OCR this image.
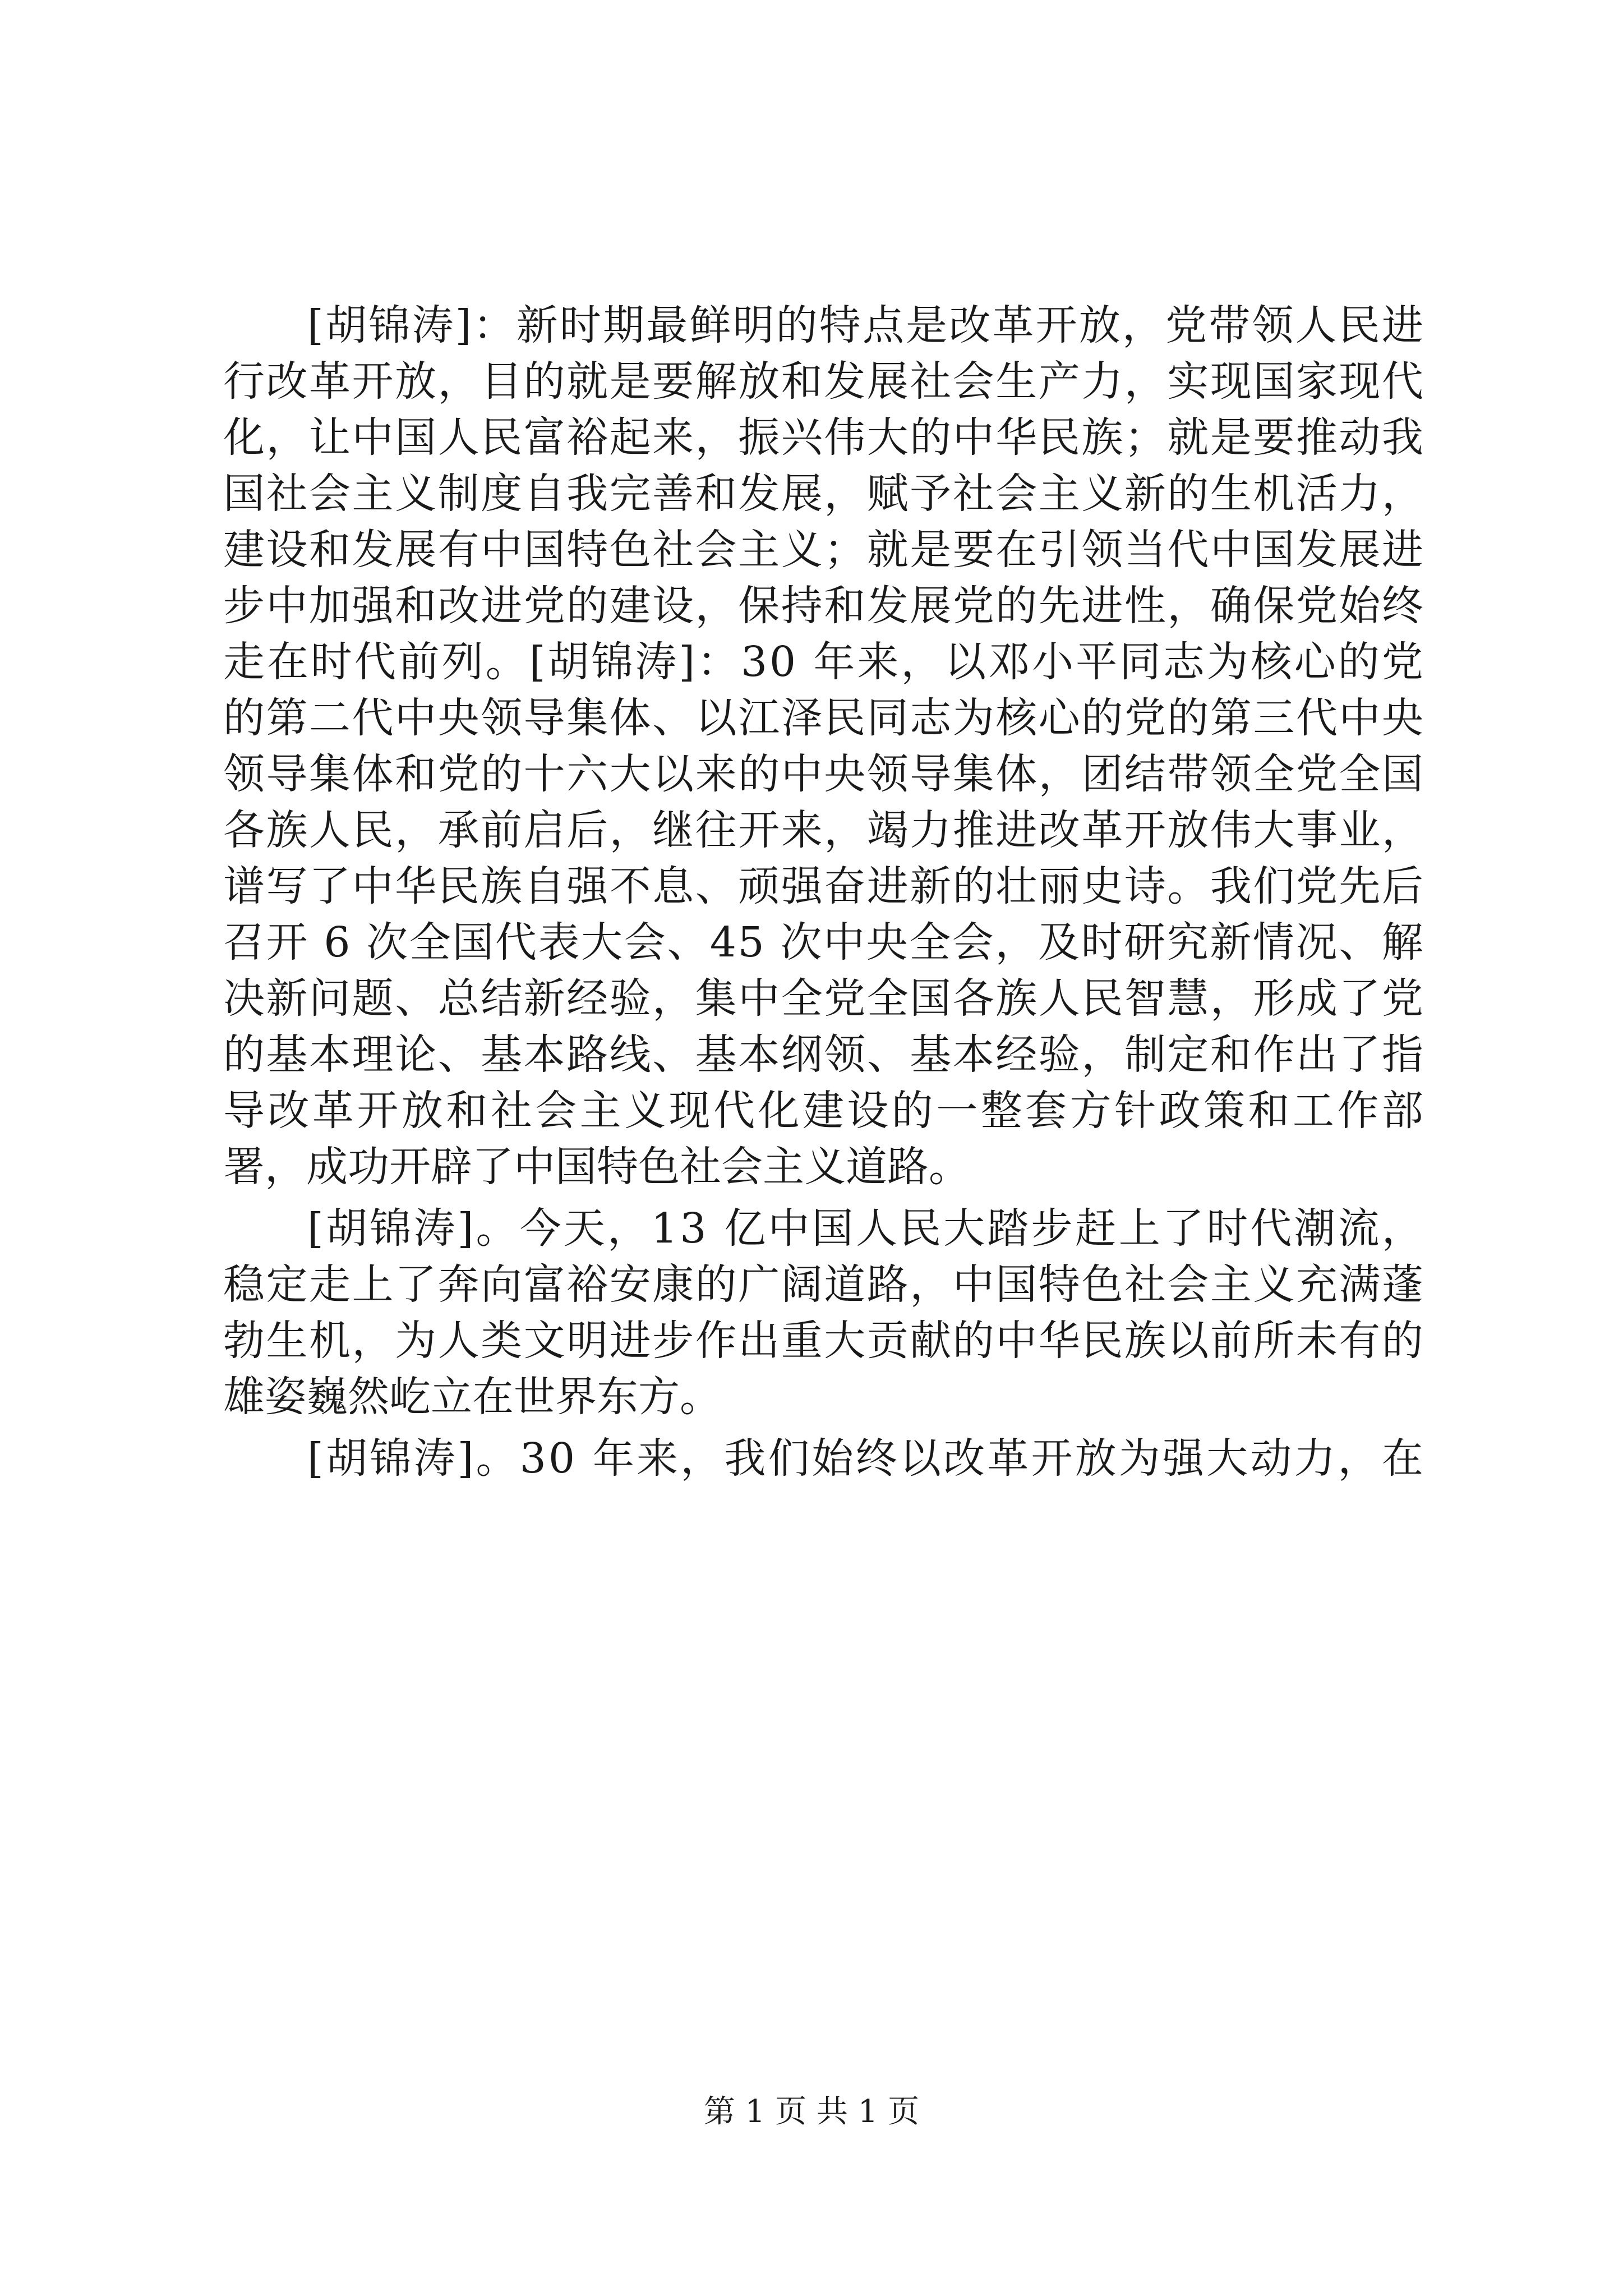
[ 胡 锦 涛 ] ： 新 时 期 最 鲜 明 的 特 点 是 改 革 开 放 ， 党 带 领 人 民 进
行 改 革 开 放 ， 目 的 就 是 要 解 放 和 发 展 社 会 生 产 力 ， 实 现 国 家 现 代
化 ， 让 中 国 人 民 富 裕 起 来 ， 振 兴 伟 大 的 中 华 民 族 ； 就 是 要 推 动 我
国 社 会 主 义 制 度 自 我 完 善 和 发 展 ， 赋 予 社 会 主 义 新 的 生 机 活 力 ，
建 设 和 发 展 有 中 国 特 色 社 会 主 义 ； 就 是 要 在 引 领 当 代 中 国 发 展 进
步 中 加 强 和 改 进 党 的 建 设 ， 保 持 和 发 展 党 的 先 进 性 ， 确 保 党 始 终
走 在 时 代 前 列 。 [ 胡 锦 涛 ] ： 3 0
年 来 ， 以 邓 小 平 同 志 为 核 心 的 党
的 第 二 代 中 央 领 导 集 体 、 以 江 泽 民 同 志 为 核 心 的 党 的 第 三 代 中 央
领 导 集 体 和 党 的 十 六 大 以 来 的 中 央 领 导 集 体 ， 团 结 带 领 全 党 全 国
各 族 人 民 ， 承 前 启 后 ， 继 往 开 来 ， 竭 力 推 进 改 革 开 放 伟 大 事 业 ，
谱 写 了 中 华 民 族 自 强 不 息 、 顽 强 奋 进 新 的 壮 丽 史 诗 。 我 们 党 先 后
召 开
6
次 全 国 代 表 大 会 、 4 5
次 中 央 全 会 ， 及 时 研 究 新 情 况 、 解
决 新 问 题 、 总 结 新 经 验 ， 集 中 全 党 全 国 各 族 人 民 智 慧 ， 形 成 了 党
的 基 本 理 论 、 基 本 路 线 、 基 本 纲 领 、 基 本 经 验 ， 制 定 和 作 出 了 指
导 改 革 开 放 和 社 会 主 义 现 代 化 建 设 的 一 整 套 方 针 政 策 和 工 作 部
署，成功开辟了中国特色社会主义道路。
[ 胡 锦 涛 ] 。 今 天 ， 1 3
亿 中 国 人 民 大 踏 步 赶 上 了 时 代 潮 流 ，
稳 定 走 上 了 奔 向 富 裕 安 康 的 广 阔 道 路 ， 中 国 特 色 社 会 主 义 充 满 蓬
勃 生 机 ， 为 人 类 文 明 进 步 作 出 重 大 贡 献 的 中 华 民 族 以 前 所 未 有 的
雄姿巍然屹立在世界东方。
[ 胡 锦 涛 ] 。 3 0
年 来 ， 我 们 始 终 以 改 革 开 放 为 强 大 动 力 ， 在
第 1 页 共 1 页
